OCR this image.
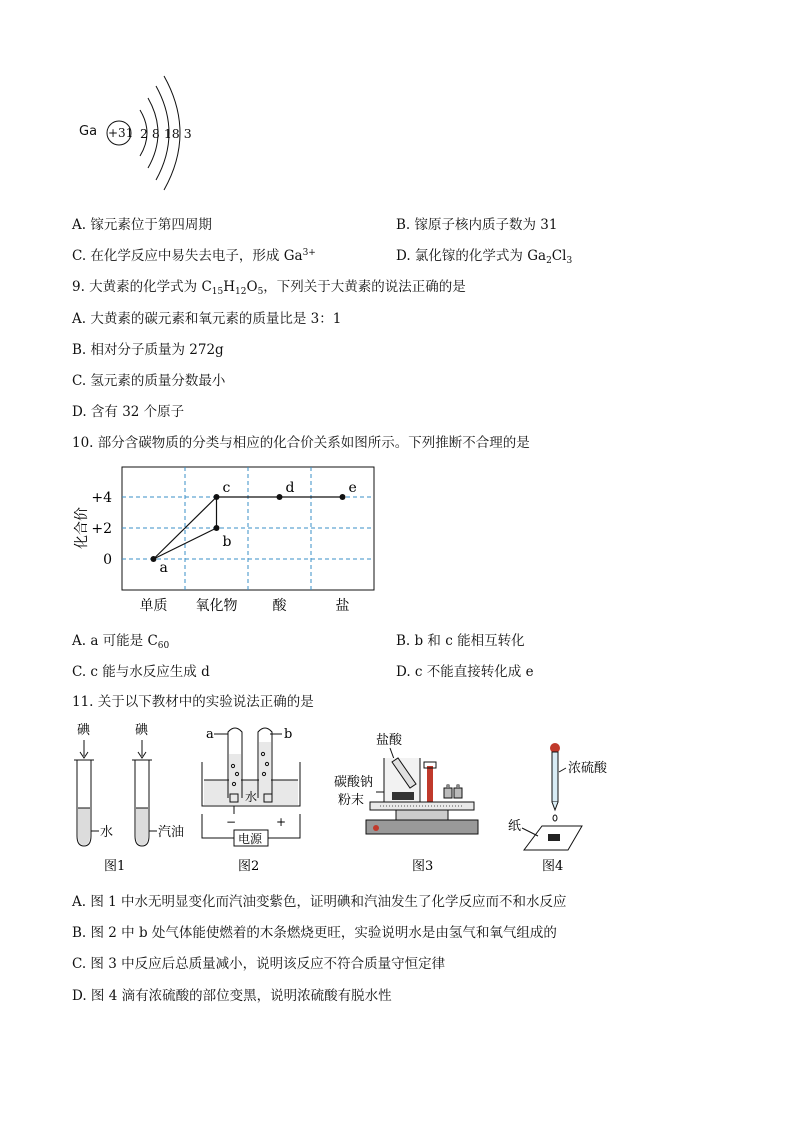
Ga +31 2 8 18 3
A. 镓元素位于第四周期	B. 镓原子核内质子数为 31
C. 在化学反应中易失去电子，形成 $Ga^{3+}$	D. 氯化镓的化学式为 $Ga_2Cl_3$
9. 大黄素的化学式为 $C_{15}H_{12}O_5$，下列关于大黄素的说法正确的是
A. 大黄素的碳元素和氧元素的质量比是 3：1
B. 相对分子质量为 272g
C. 氢元素的质量分数最小
D. 含有 32 个原子
10. 部分含碳物质的分类与相应的化合价关系如图所示。下列推断不合理的是
化合价
+4
+2
0
单质 氧化物	酸	盐
a
b
c	d	e
A. a 可能是 $C_{60}$	B. b 和 c 能相互转化
C. c 能与水反应生成 d	D. c 不能直接转化成 e
11. 关于以下教材中的实验说法正确的是
碘	碘
水	汽油
图1
a	b
水
电源
−	+
图2
盐酸
碳酸钠
粉末
图3
浓硫酸
纸
图4
A. 图 1 中水无明显变化而汽油变紫色，证明碘和汽油发生了化学反应而不和水反应
B. 图 2 中 b 处气体能使燃着的木条燃烧更旺，实验说明水是由氢气和氧气组成的
C. 图 3 中反应后总质量减小，说明该反应不符合质量守恒定律
D. 图 4 滴有浓硫酸的部位变黑，说明浓硫酸有脱水性
